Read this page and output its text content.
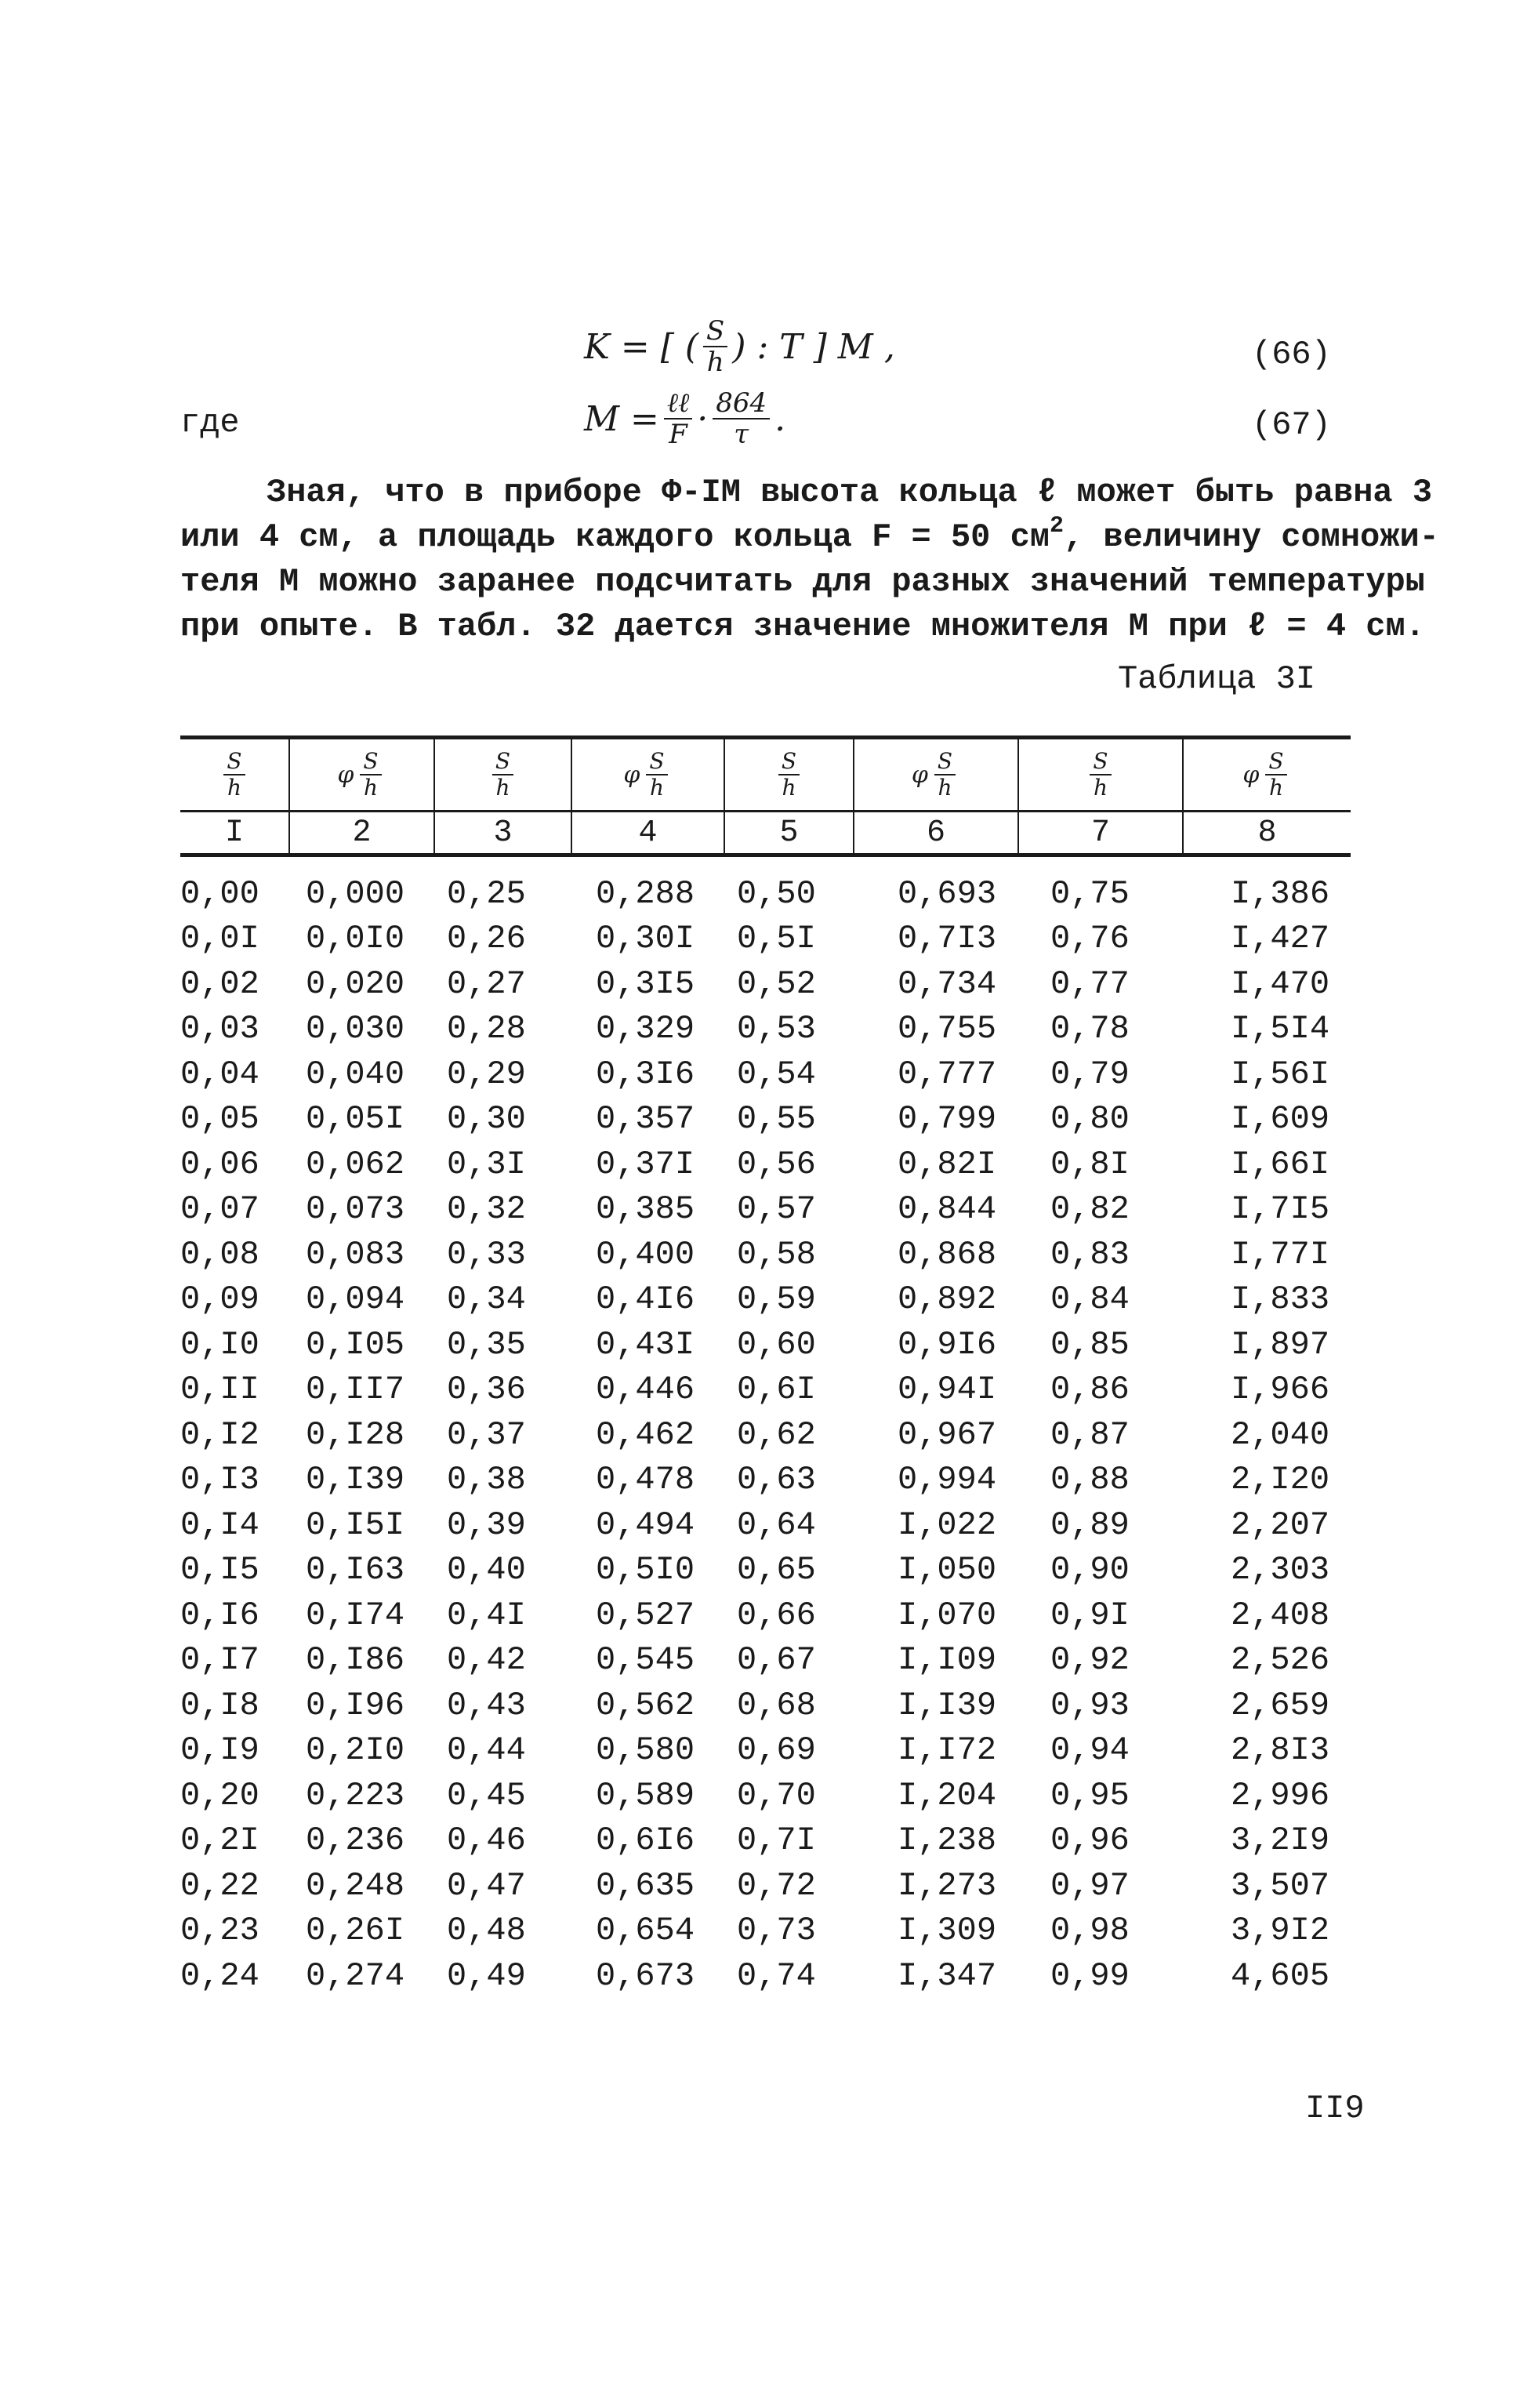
K = [ ( $\frac{S}{h}$ ) : T ] M ,	(66)
где	$M = \frac{\text{ℓℓ}}{F} \cdot \frac{864}{\tau}$ .	(67)
Зная, что в приборе Ф-IМ высота кольца ℓ может быть равна 3
или 4 см, а площадь каждого кольца F = 50 $см^2$, величину сомножи-
теля М можно заранее подсчитать для разных значений температуры
при опыте. В табл. 32 дается значение множителя М при ℓ = 4 см.
Таблица 3I
$\frac{S}{h}$	φ $\frac{S}{h}$	$\frac{S}{h}$	φ $\frac{S}{h}$	$\frac{S}{h}$	φ $\frac{S}{h}$	$\frac{S}{h}$	φ $\frac{S}{h}$
I	2	3	4	5	6	7	8
0,00	0,000	0,25	0,288	0,50	0,693	0,75	I,386
0,0I	0,0I0	0,26	0,30I	0,5I	0,7I3	0,76	I,427
0,02	0,020	0,27	0,3I5	0,52	0,734	0,77	I,470
0,03	0,030	0,28	0,329	0,53	0,755	0,78	I,5I4
0,04	0,040	0,29	0,3I6	0,54	0,777	0,79	I,56I
0,05	0,05I	0,30	0,357	0,55	0,799	0,80	I,609
0,06	0,062	0,3I	0,37I	0,56	0,82I	0,8I	I,66I
0,07	0,073	0,32	0,385	0,57	0,844	0,82	I,7I5
0,08	0,083	0,33	0,400	0,58	0,868	0,83	I,77I
0,09	0,094	0,34	0,4I6	0,59	0,892	0,84	I,833
0,I0	0,I05	0,35	0,43I	0,60	0,9I6	0,85	I,897
0,II	0,II7	0,36	0,446	0,6I	0,94I	0,86	I,966
0,I2	0,I28	0,37	0,462	0,62	0,967	0,87	2,040
0,I3	0,I39	0,38	0,478	0,63	0,994	0,88	2,I20
0,I4	0,I5I	0,39	0,494	0,64	I,022	0,89	2,207
0,I5	0,I63	0,40	0,5I0	0,65	I,050	0,90	2,303
0,I6	0,I74	0,4I	0,527	0,66	I,070	0,9I	2,408
0,I7	0,I86	0,42	0,545	0,67	I,I09	0,92	2,526
0,I8	0,I96	0,43	0,562	0,68	I,I39	0,93	2,659
0,I9	0,2I0	0,44	0,580	0,69	I,I72	0,94	2,8I3
0,20	0,223	0,45	0,589	0,70	I,204	0,95	2,996
0,2I	0,236	0,46	0,6I6	0,7I	I,238	0,96	3,2I9
0,22	0,248	0,47	0,635	0,72	I,273	0,97	3,507
0,23	0,26I	0,48	0,654	0,73	I,309	0,98	3,9I2
0,24	0,274	0,49	0,673	0,74	I,347	0,99	4,605
II9
